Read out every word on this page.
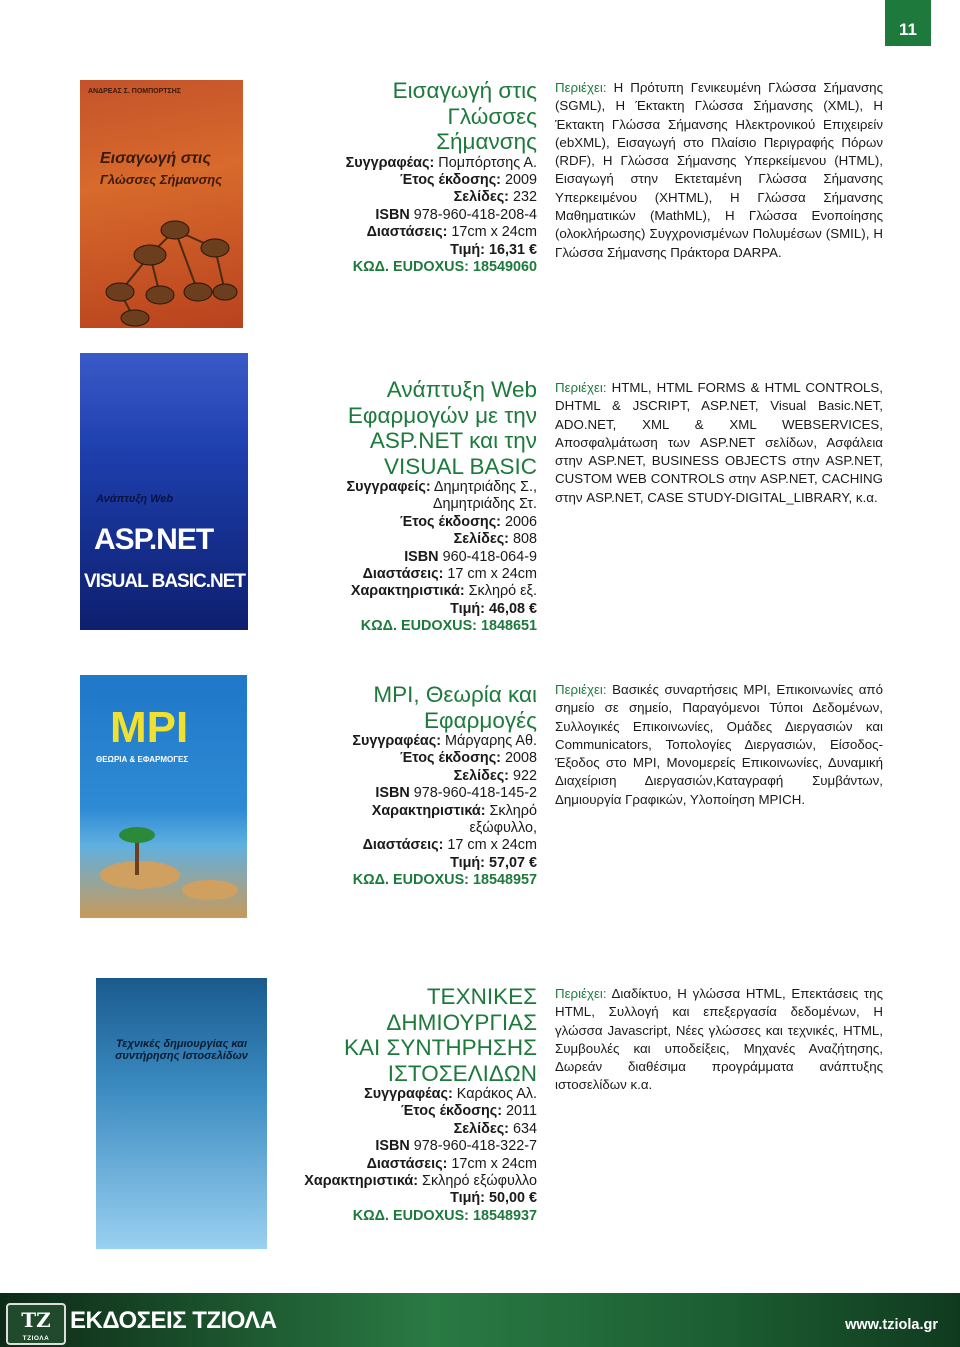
11
ΑΝΔΡΕΑΣ Σ. ΠΟΜΠΟΡΤΣΗΣ
Εισαγωγή στις
Γλώσσες Σήμανσης
Εισαγωγή στις
Γλώσσες
Σήμανσης
Συγγραφέας: Πομπόρτσης Α.
Έτος έκδοσης: 2009
Σελίδες: 232
ISBN 978-960-418-208-4
Διαστάσεις: 17cm x 24cm
Τιμή: 16,31 €
ΚΩΔ. EUDOXUS: 18549060
Περιέχει: Η Πρότυπη Γενικευμένη Γλώσσα Σήμανσης (SGML), Η Έκτακτη Γλώσσα Σήμανσης (XML), Η Έκτακτη Γλώσσα Σήμανσης Ηλεκτρονικού Επιχειρείν (ebXML), Εισαγωγή στο Πλαίσιο Περιγραφής Πόρων (RDF), Η Γλώσσα Σήμανσης Υπερκείμενου (HTML), Εισαγωγή στην Εκτεταμένη Γλώσσα Σήμανσης Υπερκειμένου (XHTML), Η Γλώσσα Σήμανσης Μαθηματικών (MathML), Η Γλώσσα Ενοποίησης (ολοκλήρωσης) Συγχρονισμένων Πολυμέσων (SMIL), Η Γλώσσα Σήμανσης Πράκτορα DARPA.
Ανάπτυξη Web
ASP.NET
VISUAL BASIC.NET
Ανάπτυξη Web
Εφαρμογών με την
ASP.NET και την
VISUAL BASIC
Συγγραφείς: Δημητριάδης Σ.,
Δημητριάδης Στ.
Έτος έκδοσης: 2006
Σελίδες: 808
ISBN 960-418-064-9
Διαστάσεις: 17 cm x 24cm
Χαρακτηριστικά: Σκληρό εξ.
Τιμή: 46,08 €
ΚΩΔ. EUDOXUS: 1848651
Περιέχει: HTML, HTML FORMS & HTML CONTROLS, DHTML & JSCRIPT, ASP.NET, Visual Basic.NET, ADO.NET, XML & XML WEBSERVICES, Αποσφαλμάτωση των ASP.NET σελίδων, Ασφάλεια στην ASP.NET, BUSINESS OBJECTS στην ASP.NET, CUSTOM WEB CONTROLS στην ASP.NET, CACHING στην ASP.NET, CASE STUDY-DIGITAL_LIBRARY, κ.α.
MPI
ΘΕΩΡΙΑ & ΕΦΑΡΜΟΓΕΣ
MPI, Θεωρία και
Εφαρμογές
Συγγραφέας: Μάργαρης Αθ.
Έτος έκδοσης: 2008
Σελίδες: 922
ISBN 978-960-418-145-2
Χαρακτηριστικά: Σκληρό
εξώφυλλο,
Διαστάσεις: 17 cm x 24cm
Τιμή: 57,07 €
ΚΩΔ. EUDOXUS: 18548957
Περιέχει: Βασικές συναρτήσεις MPI, Επικοινωνίες από σημείο σε σημείο, Παραγόμενοι Τύποι Δεδομένων, Συλλογικές Επικοινωνίες, Ομάδες Διεργασιών και Communicators, Τοπολογίες Διεργασιών, Είσοδος-Έξοδος στο MPI, Μονομερείς Επικοινωνίες, Δυναμική Διαχείριση Διεργασιών,Καταγραφή Συμβάντων, Δημιουργία Γραφικών, Υλοποίηση MPICH.
Τεχνικές δημιουργίας και συντήρησης Ιστοσελίδων
ΤΕΧΝΙΚΕΣ
ΔΗΜΙΟΥΡΓΙΑΣ
ΚΑΙ ΣΥΝΤΗΡΗΣΗΣ
ΙΣΤΟΣΕΛΙΔΩΝ
Συγγραφέας: Καράκος Αλ.
Έτος έκδοσης: 2011
Σελίδες: 634
ISBN 978-960-418-322-7
Διαστάσεις: 17cm x 24cm
Χαρακτηριστικά: Σκληρό εξώφυλλο
Τιμή: 50,00 €
ΚΩΔ. EUDOXUS: 18548937
Περιέχει: Διαδίκτυο, Η γλώσσα HTML, Επεκτάσεις της HTML, Συλλογή και επεξεργασία δεδομένων, Η γλώσσα Javascript, Νέες γλώσσες και τεχνικές, HTML, Συμβουλές και υποδείξεις, Μηχανές Αναζήτησης, Δωρεάν διαθέσιμα προγράμματα ανάπτυξης ιστοσελίδων κ.α.
ΤΖ
ΤΖΙΟΛΑ
ΕΚΔΟΣΕΙΣ ΤΖΙΟΛΑ	www.tziola.gr
